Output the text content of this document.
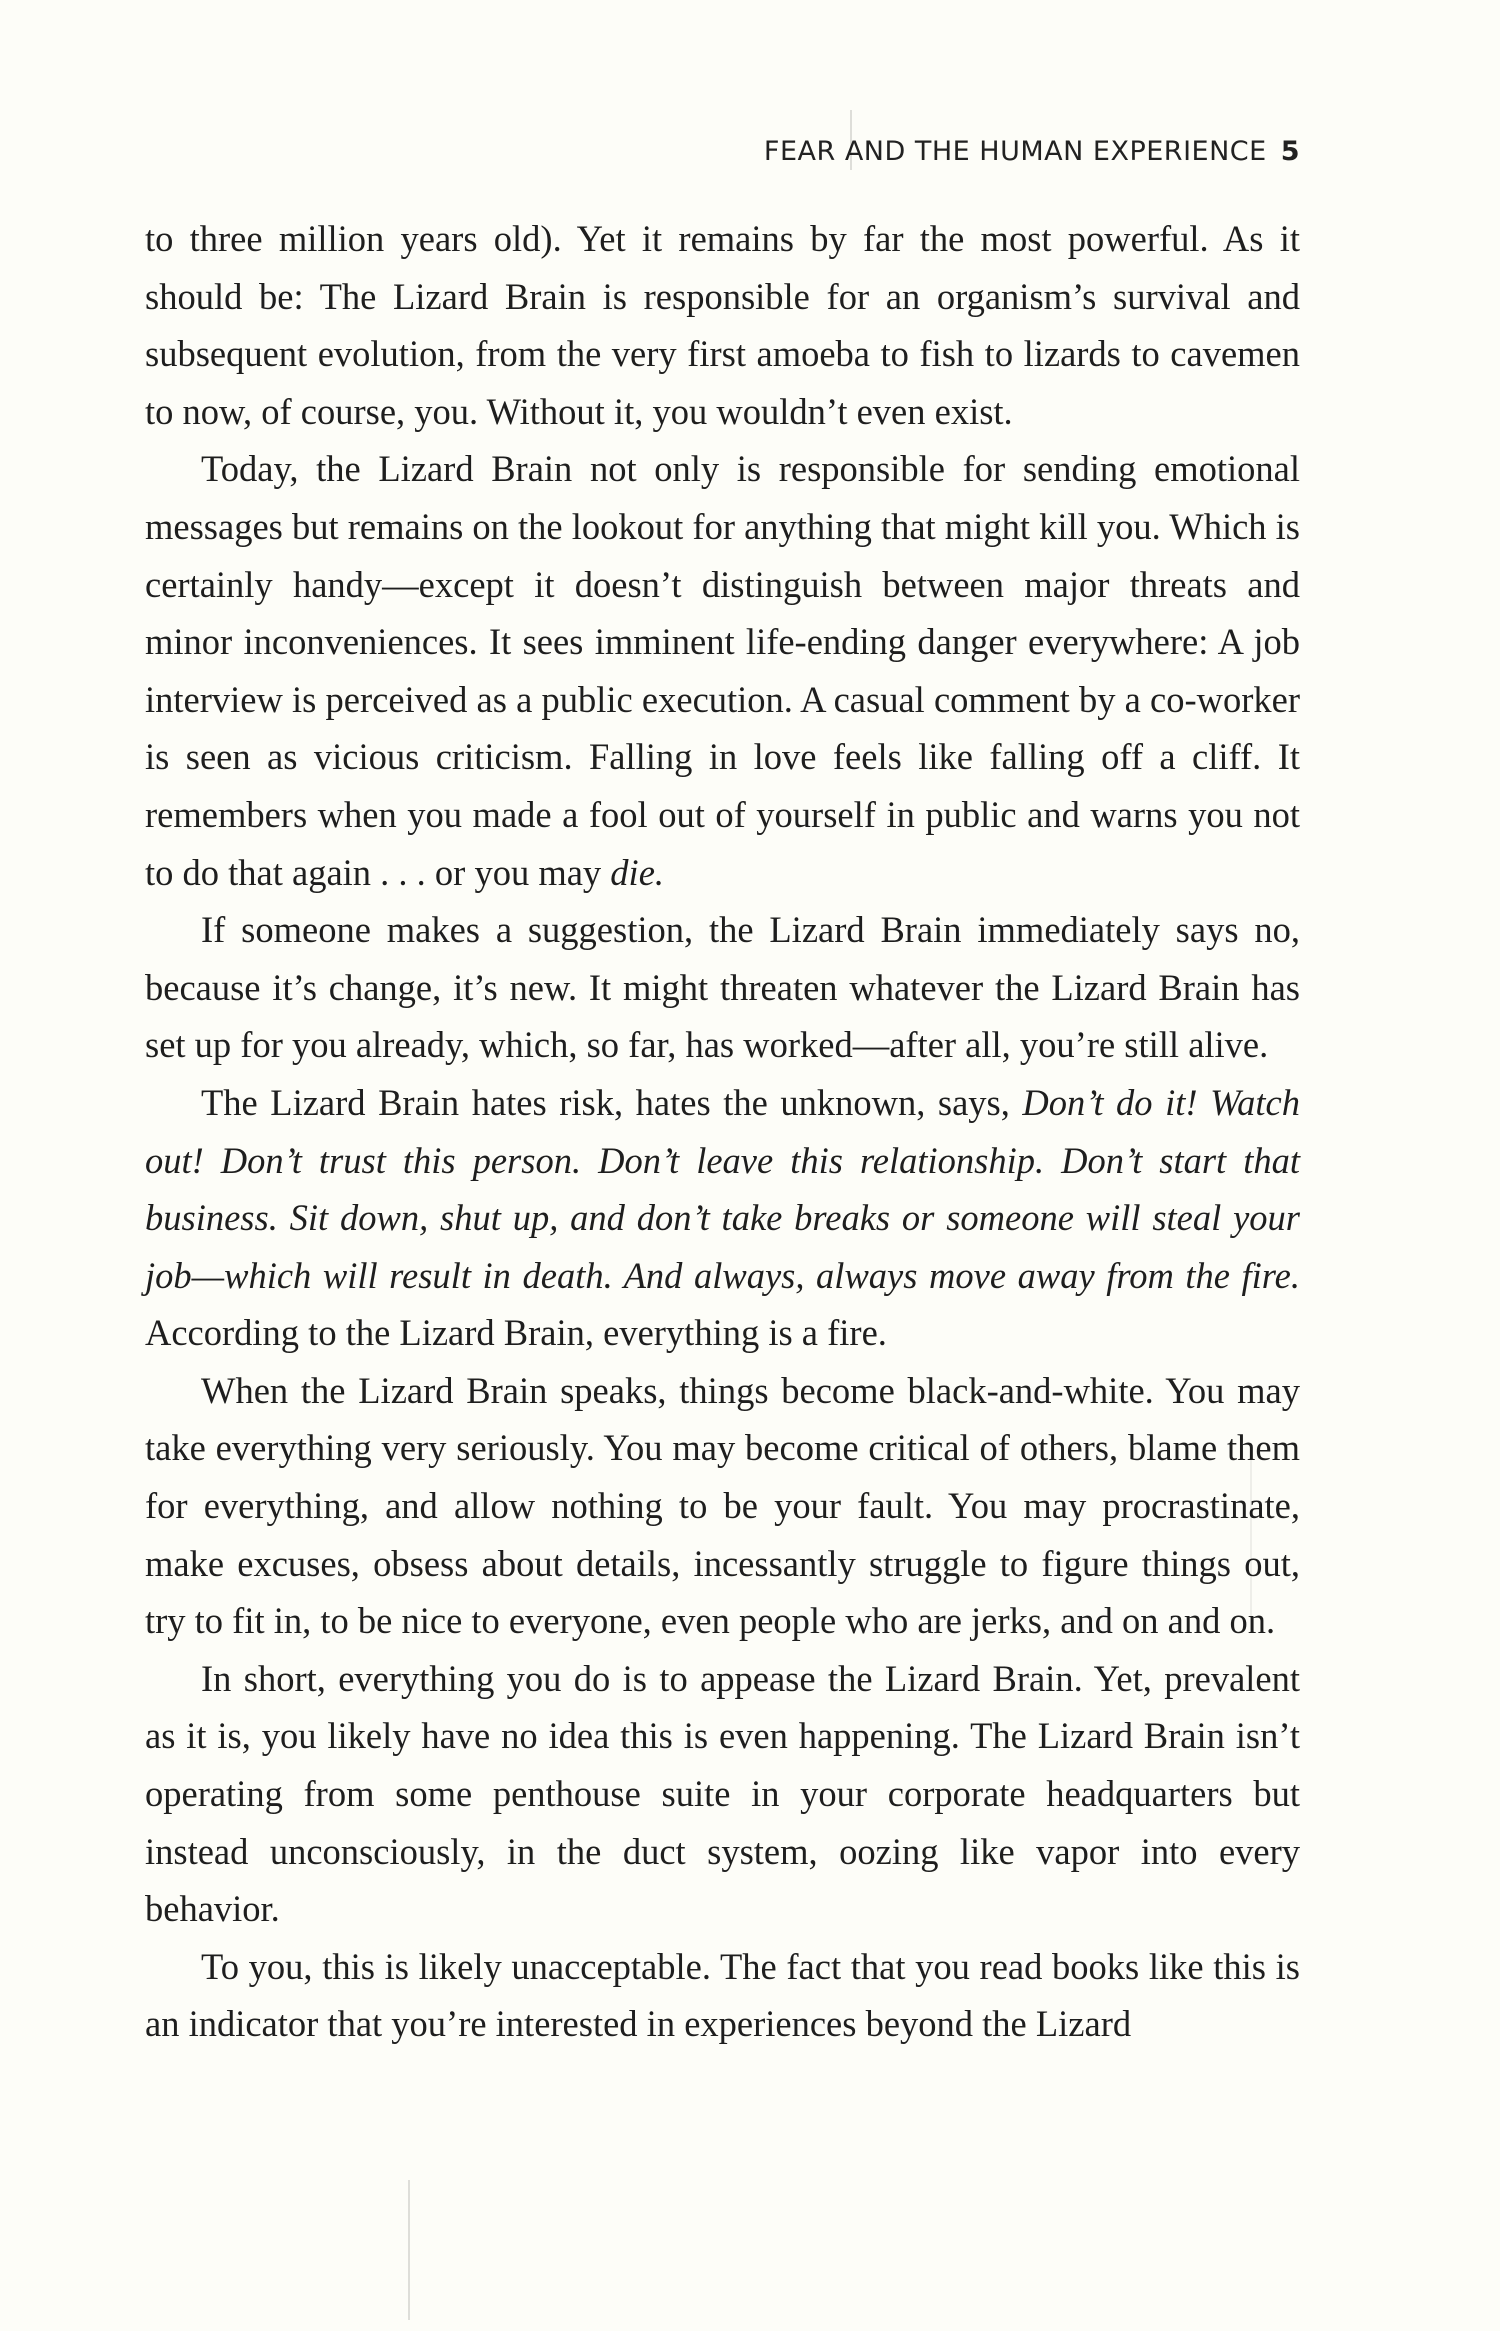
FEAR AND THE HUMAN EXPERIENCE 5

to three million years old). Yet it remains by far the most powerful. As it should be: The Lizard Brain is responsible for an organism’s survival and subsequent evolution, from the very first amoeba to fish to lizards to cavemen to now, of course, you. Without it, you wouldn’t even exist.

Today, the Lizard Brain not only is responsible for sending emotional messages but remains on the lookout for anything that might kill you. Which is certainly handy—except it doesn’t distinguish between major threats and minor inconveniences. It sees imminent life-ending danger everywhere: A job interview is perceived as a public execution. A casual comment by a co-worker is seen as vicious criticism. Falling in love feels like falling off a cliff. It remembers when you made a fool out of yourself in public and warns you not to do that again . . . or you may die.

If someone makes a suggestion, the Lizard Brain immediately says no, because it’s change, it’s new. It might threaten whatever the Lizard Brain has set up for you already, which, so far, has worked—after all, you’re still alive.

The Lizard Brain hates risk, hates the unknown, says, Don’t do it! Watch out! Don’t trust this person. Don’t leave this relationship. Don’t start that business. Sit down, shut up, and don’t take breaks or someone will steal your job—which will result in death. And always, always move away from the fire. According to the Lizard Brain, everything is a fire.

When the Lizard Brain speaks, things become black-and-white. You may take everything very seriously. You may become critical of others, blame them for everything, and allow nothing to be your fault. You may procrastinate, make excuses, obsess about details, incessantly struggle to figure things out, try to fit in, to be nice to everyone, even people who are jerks, and on and on.

In short, everything you do is to appease the Lizard Brain. Yet, prevalent as it is, you likely have no idea this is even happening. The Lizard Brain isn’t operating from some penthouse suite in your corporate headquarters but instead unconsciously, in the duct system, oozing like vapor into every behavior.

To you, this is likely unacceptable. The fact that you read books like this is an indicator that you’re interested in experiences beyond the Lizard
